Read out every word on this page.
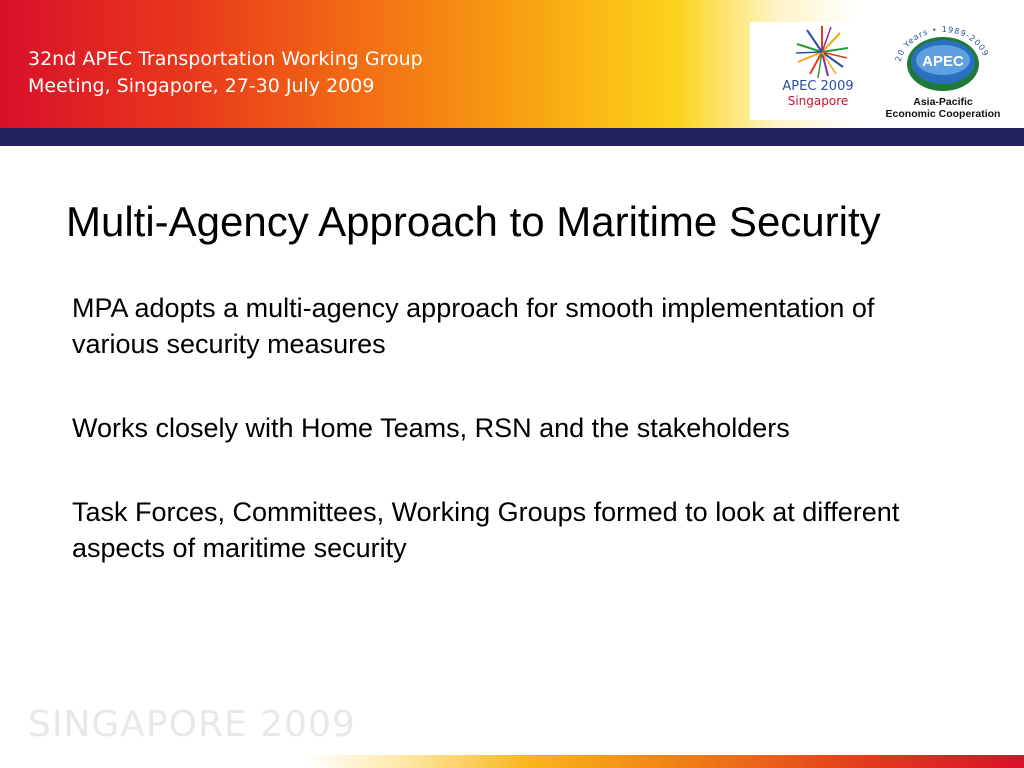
32nd APEC Transportation Working Group
Meeting, Singapore, 27-30 July 2009	APEC 2009
Singapore
20 Years • 1989-2009
APEC
Asia-Pacific
Economic Cooperation
Multi-Agency Approach to Maritime Security
MPA adopts a multi-agency approach for smooth implementation of various security measures
Works closely with Home Teams, RSN and the stakeholders
Task Forces, Committees, Working Groups formed to look at different aspects of maritime security
SINGAPORE 2009
